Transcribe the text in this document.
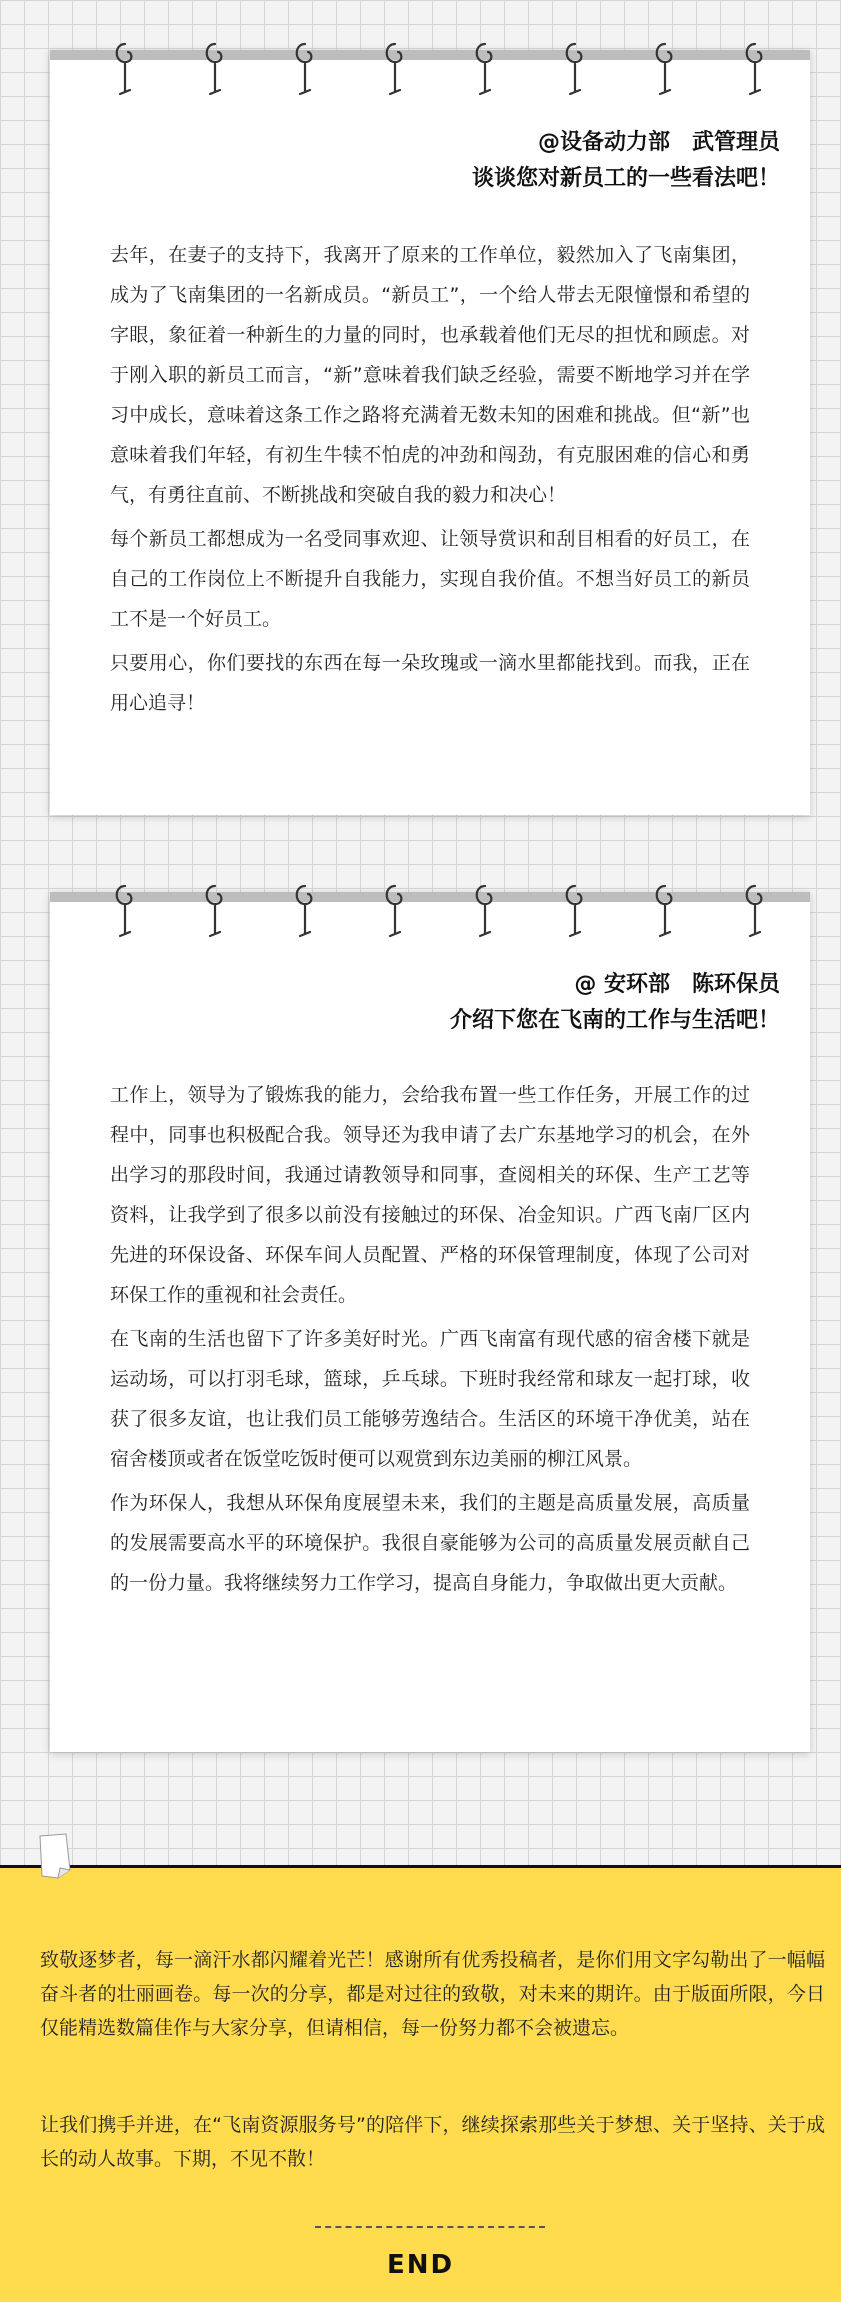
@设备动力部　武管理员
谈谈您对新员工的一些看法吧！

去年，在妻子的支持下，我离开了原来的工作单位，毅然加入了飞南集团，成为了飞南集团的一名新成员。“新员工”，一个给人带去无限憧憬和希望的字眼，象征着一种新生的力量的同时，也承载着他们无尽的担忧和顾虑。对于刚入职的新员工而言，“新”意味着我们缺乏经验，需要不断地学习并在学习中成长，意味着这条工作之路将充满着无数未知的困难和挑战。但“新”也意味着我们年轻，有初生牛犊不怕虎的冲劲和闯劲，有克服困难的信心和勇气，有勇往直前、不断挑战和突破自我的毅力和决心！

每个新员工都想成为一名受同事欢迎、让领导赏识和刮目相看的好员工，在自己的工作岗位上不断提升自我能力，实现自我价值。不想当好员工的新员工不是一个好员工。

只要用心，你们要找的东西在每一朵玫瑰或一滴水里都能找到。而我，正在用心追寻！

@ 安环部　陈环保员
介绍下您在飞南的工作与生活吧！

工作上，领导为了锻炼我的能力，会给我布置一些工作任务，开展工作的过程中，同事也积极配合我。领导还为我申请了去广东基地学习的机会，在外出学习的那段时间，我通过请教领导和同事，查阅相关的环保、生产工艺等资料，让我学到了很多以前没有接触过的环保、冶金知识。广西飞南厂区内先进的环保设备、环保车间人员配置、严格的环保管理制度，体现了公司对环保工作的重视和社会责任。

在飞南的生活也留下了许多美好时光。广西飞南富有现代感的宿舍楼下就是运动场，可以打羽毛球，篮球，乒乓球。下班时我经常和球友一起打球，收获了很多友谊，也让我们员工能够劳逸结合。生活区的环境干净优美，站在宿舍楼顶或者在饭堂吃饭时便可以观赏到东边美丽的柳江风景。

作为环保人，我想从环保角度展望未来，我们的主题是高质量发展，高质量的发展需要高水平的环境保护。我很自豪能够为公司的高质量发展贡献自己的一份力量。我将继续努力工作学习，提高自身能力，争取做出更大贡献。

致敬逐梦者，每一滴汗水都闪耀着光芒！感谢所有优秀投稿者，是你们用文字勾勒出了一幅幅奋斗者的壮丽画卷。每一次的分享，都是对过往的致敬，对未来的期许。由于版面所限，今日仅能精选数篇佳作与大家分享，但请相信，每一份努力都不会被遗忘。

让我们携手并进，在“飞南资源服务号”的陪伴下，继续探索那些关于梦想、关于坚持、关于成长的动人故事。下期，不见不散！

END
